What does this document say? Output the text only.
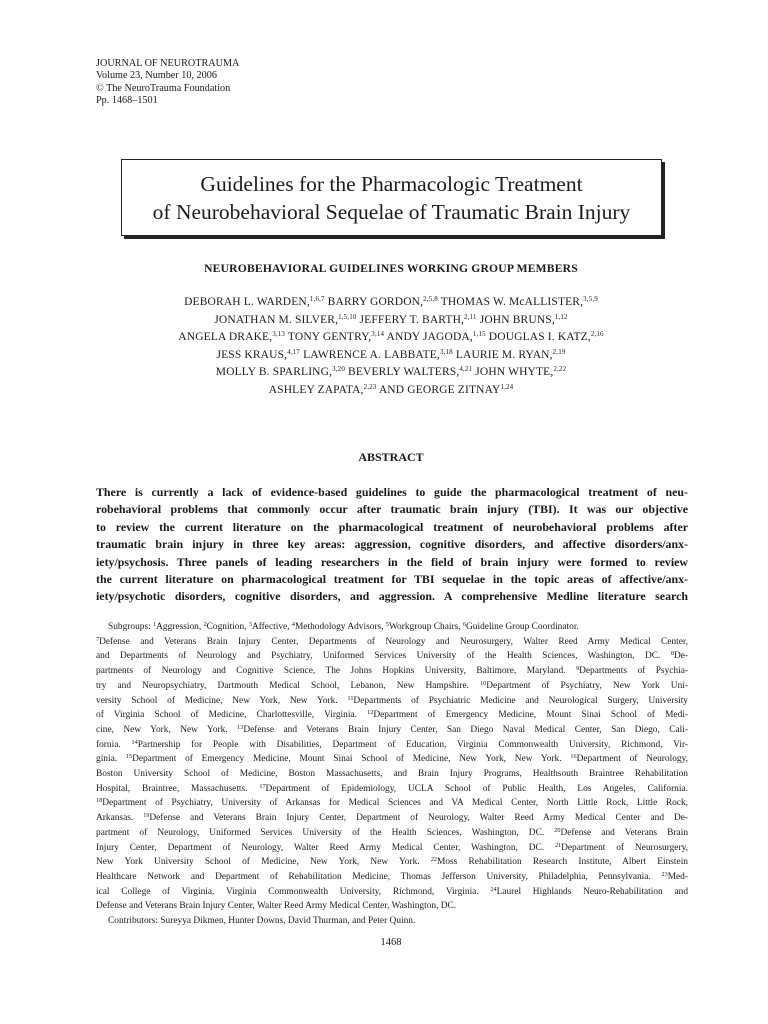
JOURNAL OF NEUROTRAUMA
Volume 23, Number 10, 2006
© The NeuroTrauma Foundation
Pp. 1468–1501
Guidelines for the Pharmacologic Treatment
of Neurobehavioral Sequelae of Traumatic Brain Injury
NEUROBEHAVIORAL GUIDELINES WORKING GROUP MEMBERS
DEBORAH L. WARDEN,$^{1,6,7}$ BARRY GORDON,$^{2,5,8}$ THOMAS W. McALLISTER,$^{3,5,9}$
JONATHAN M. SILVER,$^{1,5,10}$ JEFFERY T. BARTH,$^{2,11}$ JOHN BRUNS,$^{1,12}$
ANGELA DRAKE,$^{3,13}$ TONY GENTRY,$^{3,14}$ ANDY JAGODA,$^{1,15}$ DOUGLAS I. KATZ,$^{2,16}$
JESS KRAUS,$^{4,17}$ LAWRENCE A. LABBATE,$^{3,18}$ LAURIE M. RYAN,$^{2,19}$
MOLLY B. SPARLING,$^{3,20}$ BEVERLY WALTERS,$^{4,21}$ JOHN WHYTE,$^{2,22}$
ASHLEY ZAPATA,$^{2,23}$ AND GEORGE ZITNAY$^{1,24}$
ABSTRACT
There is currently a lack of evidence-based guidelines to guide the pharmacological treatment of neu-
robehavioral problems that commonly occur after traumatic brain injury (TBI). It was our objective
to review the current literature on the pharmacological treatment of neurobehavioral problems after
traumatic brain injury in three key areas: aggression, cognitive disorders, and affective disorders/anx-
iety/psychosis. Three panels of leading researchers in the field of brain injury were formed to review
the current literature on pharmacological treatment for TBI sequelae in the topic areas of affective/anx-
iety/psychotic disorders, cognitive disorders, and aggression. A comprehensive Medline literature search
Subgroups: $^1$Aggression, $^2$Cognition, $^3$Affective, $^4$Methodology Advisors, $^5$Workgroup Chairs, $^6$Guideline Group Coordinator.
$^7$Defense and Veterans Brain Injury Center, Departments of Neurology and Neurosurgery, Walter Reed Army Medical Center,
and Departments of Neurology and Psychiatry, Uniformed Services University of the Health Sciences, Washington, DC. $^8$De-
partments of Neurology and Cognitive Science, The Johns Hopkins University, Baltimore, Maryland. $^9$Departments of Psychia-
try and Neuropsychiatry, Dartmouth Medical School, Lebanon, New Hampshire. $^{10}$Department of Psychiatry, New York Uni-
versity School of Medicine, New York, New York. $^{11}$Departments of Psychiatric Medicine and Neurological Surgery, University
of Virginia School of Medicine, Charlottesville, Virginia. $^{12}$Department of Emergency Medicine, Mount Sinai School of Medi-
cine, New York, New York. $^{13}$Defense and Veterans Brain Injury Center, San Diego Naval Medical Center, San Diego, Cali-
fornia. $^{14}$Partnership for People with Disabilities, Department of Education, Virginia Commonwealth University, Richmond, Vir-
ginia. $^{15}$Department of Emergency Medicine, Mount Sinai School of Medicine, New York, New York. $^{16}$Department of Neurology,
Boston University School of Medicine, Boston Massachusetts, and Brain Injury Programs, Healthsouth Braintree Rehabilitation
Hospital, Braintree, Massachusetts. $^{17}$Department of Epidemiology, UCLA School of Public Health, Los Angeles, California.
$^{18}$Department of Psychiatry, University of Arkansas for Medical Sciences and VA Medical Center, North Little Rock, Little Rock,
Arkansas. $^{19}$Defense and Veterans Brain Injury Center, Department of Neurology, Walter Reed Army Medical Center and De-
partment of Neurology, Uniformed Services University of the Health Sciences, Washington, DC. $^{20}$Defense and Veterans Brain
Injury Center, Department of Neurology, Walter Reed Army Medical Center, Washington, DC. $^{21}$Department of Neurosurgery,
New York University School of Medicine, New York, New York. $^{22}$Moss Rehabilitation Research Institute, Albert Einstein
Healthcare Network and Department of Rehabilitation Medicine, Thomas Jefferson University, Philadelphia, Pennsylvania. $^{23}$Med-
ical College of Virginia, Virginia Commonwealth University, Richmond, Virginia. $^{24}$Laurel Highlands Neuro-Rehabilitation and
Defense and Veterans Brain Injury Center, Walter Reed Army Medical Center, Washington, DC.
Contributors: Sureyya Dikmen, Hunter Downs, David Thurman, and Peter Quinn.
1468
